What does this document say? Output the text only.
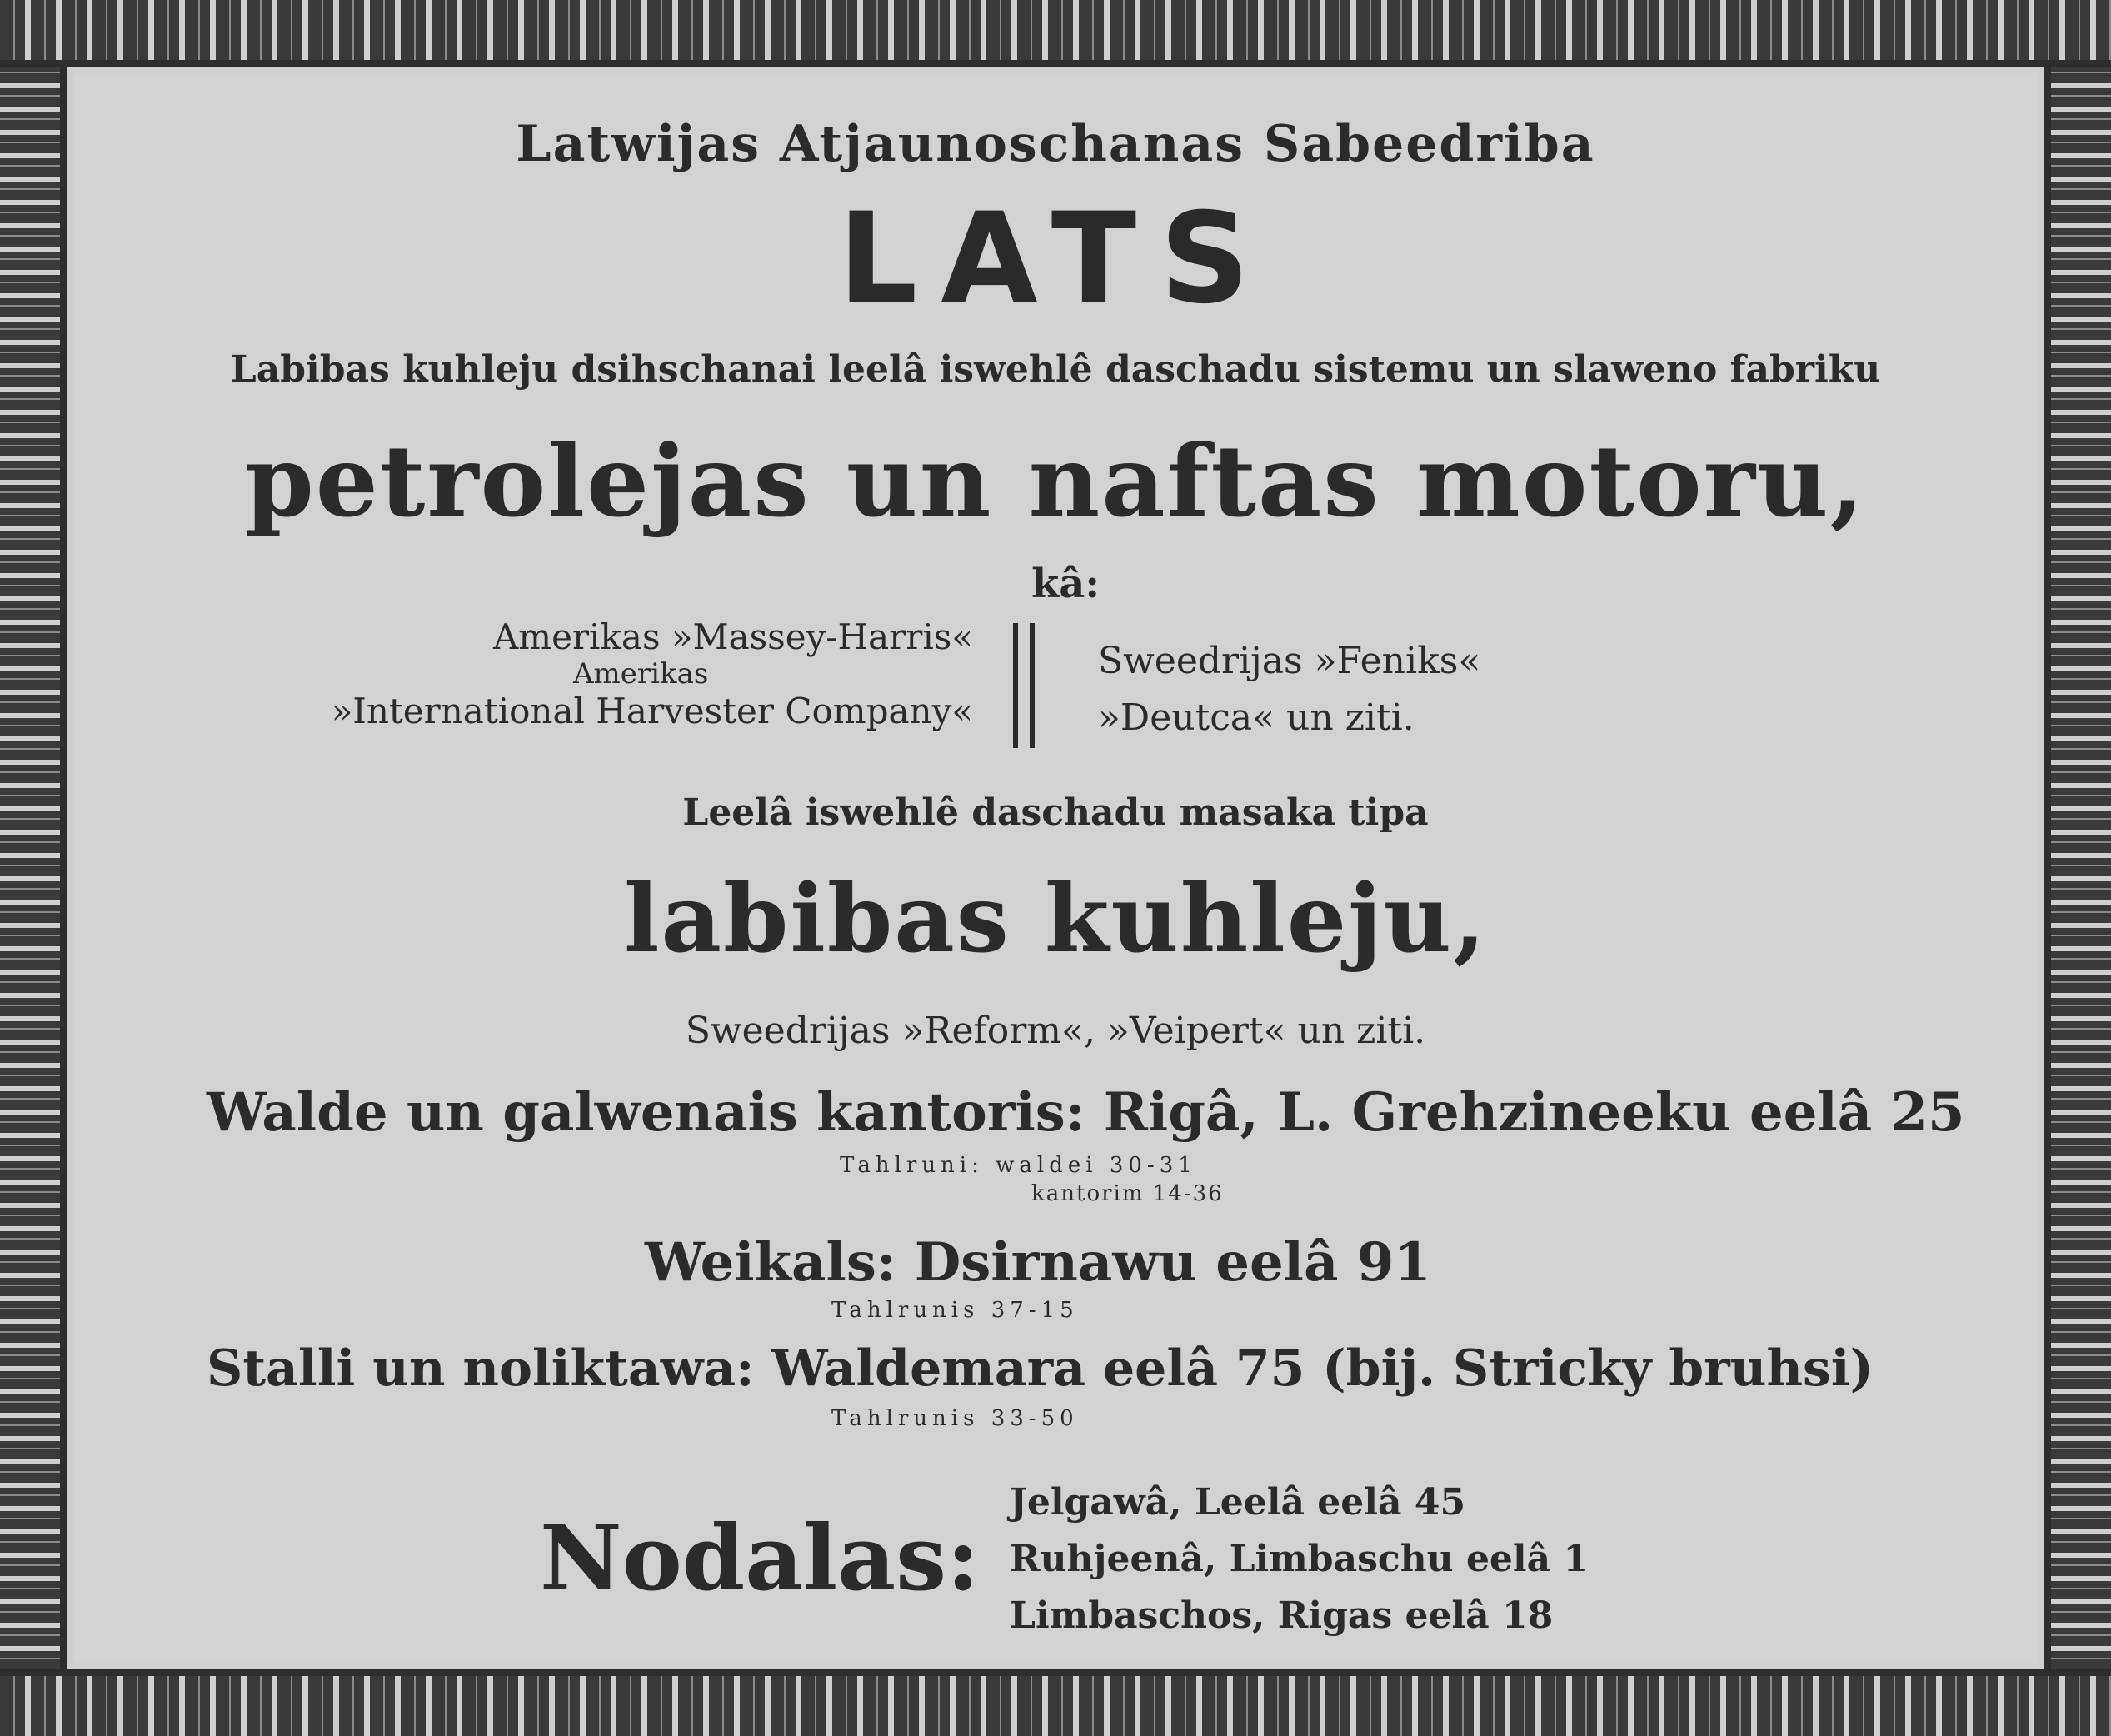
Latwijas Atjaunoschanas Sabeedriba
LATS
Labibas kuhleju dsihschanai leelâ iswehlê daschadu sistemu un slaweno fabriku
petrolejas un naftas motoru,
kâ:
Amerikas »Massey-Harris«
Amerikas
»International Harvester Company«
Sweedrijas »Feniks«
»Deutca« un ziti.
Leelâ iswehlê daschadu masaka tipa
labibas kuhleju,
Sweedrijas »Reform«, »Veipert« un ziti.
Walde un galwenais kantoris: Rigâ, L. Grehzineeku eelâ 25
Tahlruni: waldei 30-31
kantorim 14-36
Weikals: Dsirnawu eelâ 91
Tahlrunis 37-15
Stalli un noliktawa: Waldemara eelâ 75 (bij. Stricky bruhsi)
Tahlrunis 33-50
Nodalas:
Jelgawâ, Leelâ eelâ 45
Ruhjeenâ, Limbaschu eelâ 1
Limbaschos, Rigas eelâ 18
